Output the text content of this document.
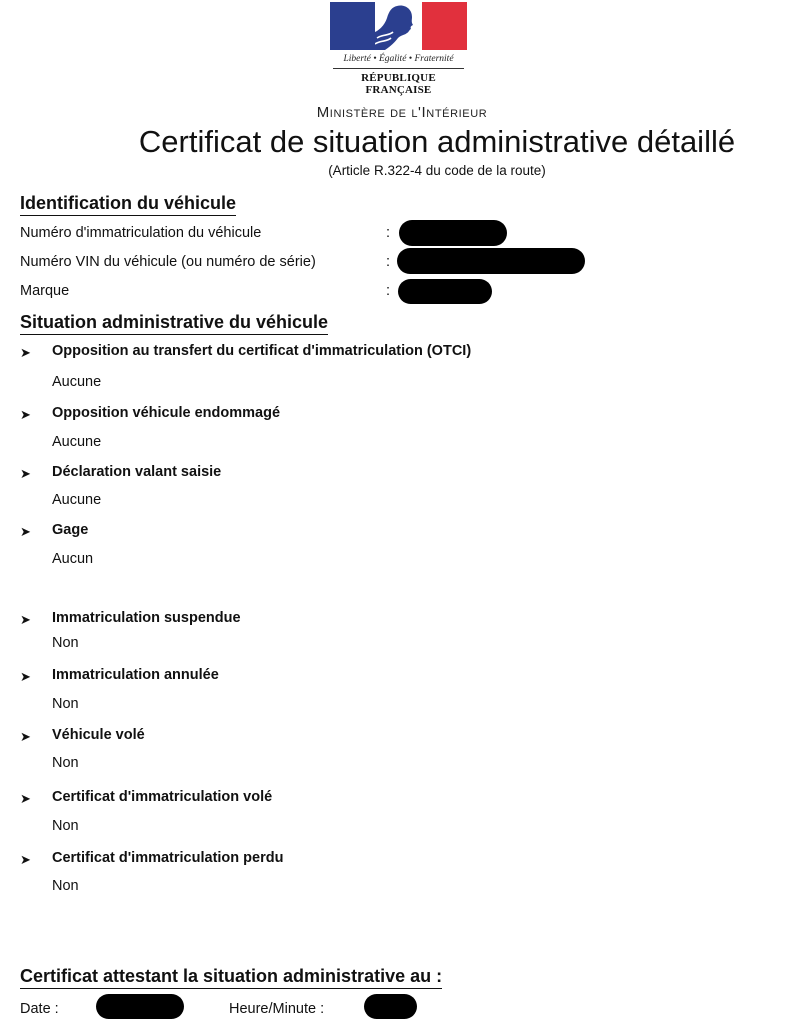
Liberté • Égalité • Fraternité
RÉPUBLIQUE FRANÇAISE
Ministère de l'Intérieur
Certificat de situation administrative détaillé
(Article R.322-4 du code de la route)
Identification du véhicule
Numéro d'immatriculation du véhicule	:
Numéro VIN du véhicule (ou numéro de série)	:
Marque	:
Situation administrative du véhicule
➤ Opposition au transfert du certificat d'immatriculation (OTCI)
Aucune
➤ Opposition véhicule endommagé
Aucune
➤ Déclaration valant saisie
Aucune
➤ Gage
Aucun
➤ Immatriculation suspendue
Non
➤ Immatriculation annulée
Non
➤ Véhicule volé
Non
➤ Certificat d'immatriculation volé
Non
➤ Certificat d'immatriculation perdu
Non
Certificat attestant la situation administrative au :
Date :	Heure/Minute :
